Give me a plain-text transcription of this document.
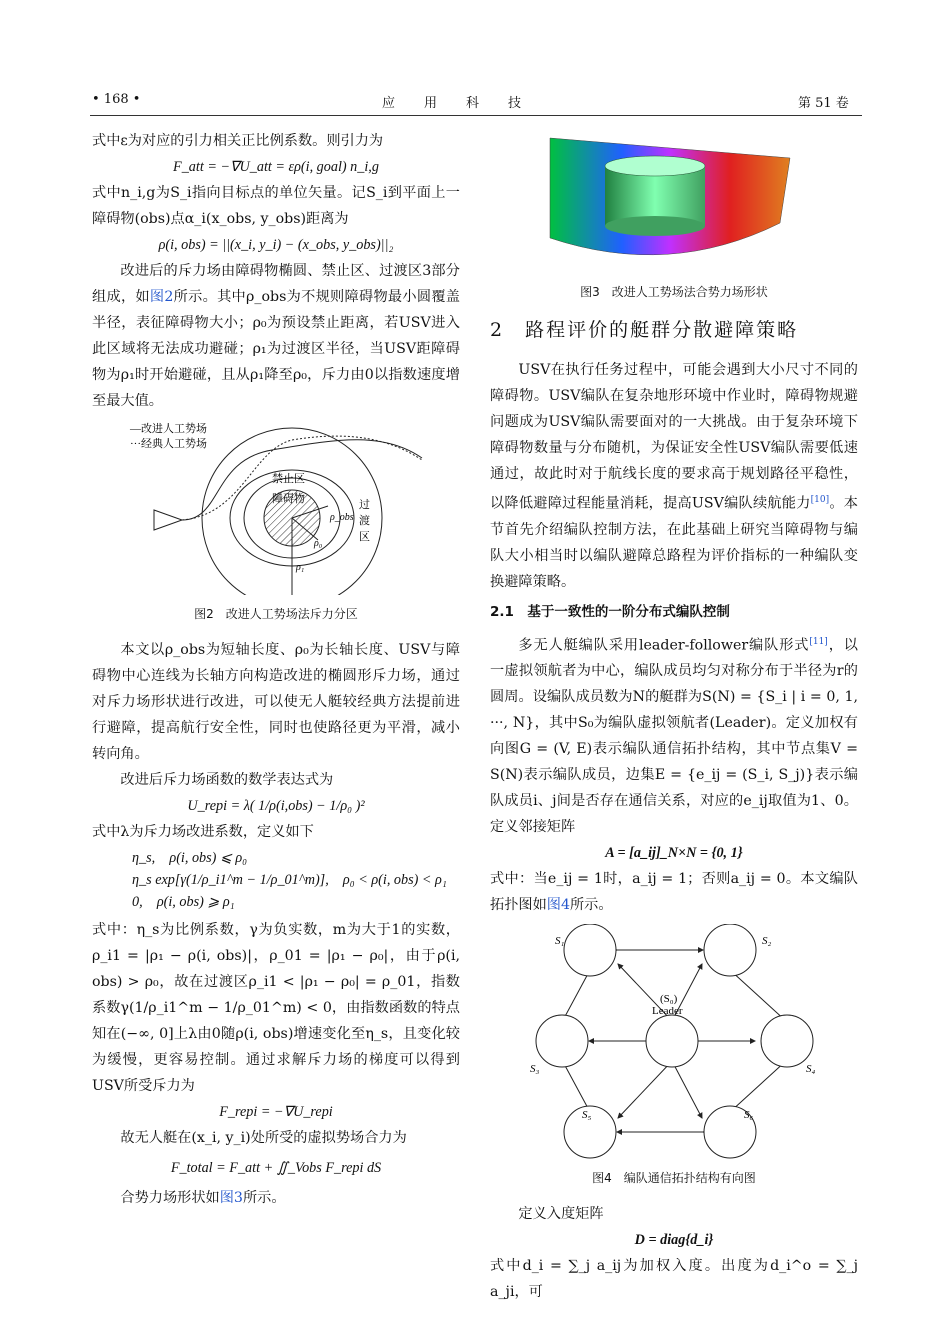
• 168 •	应　　用　　科　　技	第 51 卷

式中ε为对应的引力相关正比例系数。则引力为

F_att = −∇U_att = ερ(i, goal) n_i,g

式中n_i,g为S_i指向目标点的单位矢量。记S_i到平面上一障碍物(obs)点α_i(x_obs, y_obs)距离为

ρ(i, obs) = ||(x_i, y_i) − (x_obs, y_obs)||₂

改进后的斥力场由障碍物椭圆、禁止区、过渡区3部分组成，如图2所示。其中ρ_obs为不规则障碍物最小圆覆盖半径，表征障碍物大小；ρ₀为预设禁止距离，若USV进入此区域将无法成功避碰；ρ₁为过渡区半径，当USV距障碍物为ρ₁时开始避碰，且从ρ₁降至ρ₀，斥力由0以指数速度增至最大值。

—改进人工势场
···经典人工势场
禁止区
障碍物	过
渡
区
ρ_obs
ρ₀
ρ₁
图2　改进人工势场法斥力分区

本文以ρ_obs为短轴长度、ρ₀为长轴长度、USV与障碍物中心连线为长轴方向构造改进的椭圆形斥力场，通过对斥力场形状进行改进，可以使无人艇较经典方法提前进行避障，提高航行安全性，同时也使路径更为平滑，减小转向角。

改进后斥力场函数的数学表达式为

U_repi = λ( 1/ρ(i,obs) − 1/ρ₀ )²

式中λ为斥力场改进系数，定义如下

η_s,　ρ(i, obs) ⩽ ρ₀
η_s exp[γ(1/ρ_i1^m − 1/ρ_01^m)],　ρ₀ < ρ(i, obs) < ρ₁
0,　ρ(i, obs) ⩾ ρ₁

式中：η_s为比例系数，γ为负实数，m为大于1的实数，ρ_i1 = |ρ₁ − ρ(i, obs)|，ρ_01 = |ρ₁ − ρ₀|，由于ρ(i, obs) > ρ₀，故在过渡区ρ_i1 < |ρ₁ − ρ₀| = ρ_01，指数系数γ(1/ρ_i1^m − 1/ρ_01^m) < 0，由指数函数的特点知在(−∞, 0]上λ由0随ρ(i, obs)增速变化至η_s，且变化较为缓慢，更容易控制。通过求解斥力场的梯度可以得到USV所受斥力为

F_repi = −∇U_repi

故无人艇在(x_i, y_i)处所受的虚拟势场合力为

F_total = F_att + ∬_Vobs F_repi dS

合势力场形状如图3所示。

图3　改进人工势场法合势力场形状
2　路程评价的艇群分散避障策略

USV在执行任务过程中，可能会遇到大小尺寸不同的障碍物。USV编队在复杂地形环境中作业时，障碍物规避问题成为USV编队需要面对的一大挑战。由于复杂环境下障碍物数量与分布随机，为保证安全性USV编队需要低速通过，故此时对于航线长度的要求高于规划路径平稳性，以降低避障过程能量消耗，提高USV编队续航能力[10]。本节首先介绍编队控制方法，在此基础上研究当障碍物与编队大小相当时以编队避障总路程为评价指标的一种编队变换避障策略。

2.1　基于一致性的一阶分布式编队控制

多无人艇编队采用leader-follower编队形式[11]，以一虚拟领航者为中心，编队成员均匀对称分布于半径为r的圆周。设编队成员数为N的艇群为S(N) = {S_i | i = 0, 1, ···, N}，其中S₀为编队虚拟领航者(Leader)。定义加权有向图G = (V, E)表示编队通信拓扑结构，其中节点集V = S(N)表示编队成员，边集E = {e_ij = (S_i, S_j)}表示编队成员i、j间是否存在通信关系，对应的e_ij取值为1、0。定义邻接矩阵

A = [a_ij]_N×N = {0, 1}

式中：当e_ij = 1时，a_ij = 1；否则a_ij = 0。本文编队拓扑图如图4所示。

S₁	S₂
S₃	S₄
S₅	S₆
(S₀)
Leader
图4　编队通信拓扑结构有向图

定义入度矩阵

D = diag{d_i}

式中d_i = ∑_j a_ij为加权入度。出度为d_i^o = ∑_j a_ji，可
